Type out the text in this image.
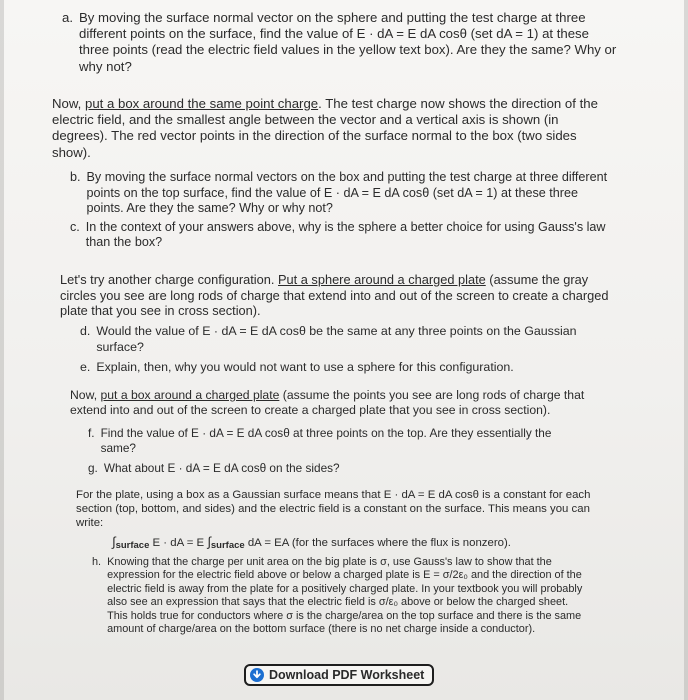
a. By moving the surface normal vector on the sphere and putting the test charge at three different points on the surface, find the value of E · dA = E dA cosθ (set dA = 1) at these three points (read the electric field values in the yellow text box). Are they the same? Why or why not?
Now, put a box around the same point charge. The test charge now shows the direction of the electric field, and the smallest angle between the vector and a vertical axis is shown (in degrees). The red vector points in the direction of the surface normal to the box (two sides show).
b. By moving the surface normal vectors on the box and putting the test charge at three different points on the top surface, find the value of E · dA = E dA cosθ (set dA = 1) at these three points. Are they the same? Why or why not?
c. In the context of your answers above, why is the sphere a better choice for using Gauss's law than the box?
Let's try another charge configuration. Put a sphere around a charged plate (assume the gray circles you see are long rods of charge that extend into and out of the screen to create a charged plate that you see in cross section).
d. Would the value of E · dA = E dA cosθ be the same at any three points on the Gaussian surface?
e. Explain, then, why you would not want to use a sphere for this configuration.
Now, put a box around a charged plate (assume the points you see are long rods of charge that extend into and out of the screen to create a charged plate that you see in cross section).
f. Find the value of E · dA = E dA cosθ at three points on the top. Are they essentially the same?
g. What about E · dA = E dA cosθ on the sides?
For the plate, using a box as a Gaussian surface means that E · dA = E dA cosθ is a constant for each section (top, bottom, and sides) and the electric field is a constant on the surface. This means you can write:
∫surface E · dA = E ∫surface dA = EA (for the surfaces where the flux is nonzero).
h. Knowing that the charge per unit area on the big plate is σ, use Gauss's law to show that the expression for the electric field above or below a charged plate is E = σ/2ε₀ and the direction of the electric field is away from the plate for a positively charged plate. In your textbook you will probably also see an expression that says that the electric field is σ/ε₀ above or below the charged sheet. This holds true for conductors where σ is the charge/area on the top surface and there is the same amount of charge/area on the bottom surface (there is no net charge inside a conductor).
Download PDF Worksheet
